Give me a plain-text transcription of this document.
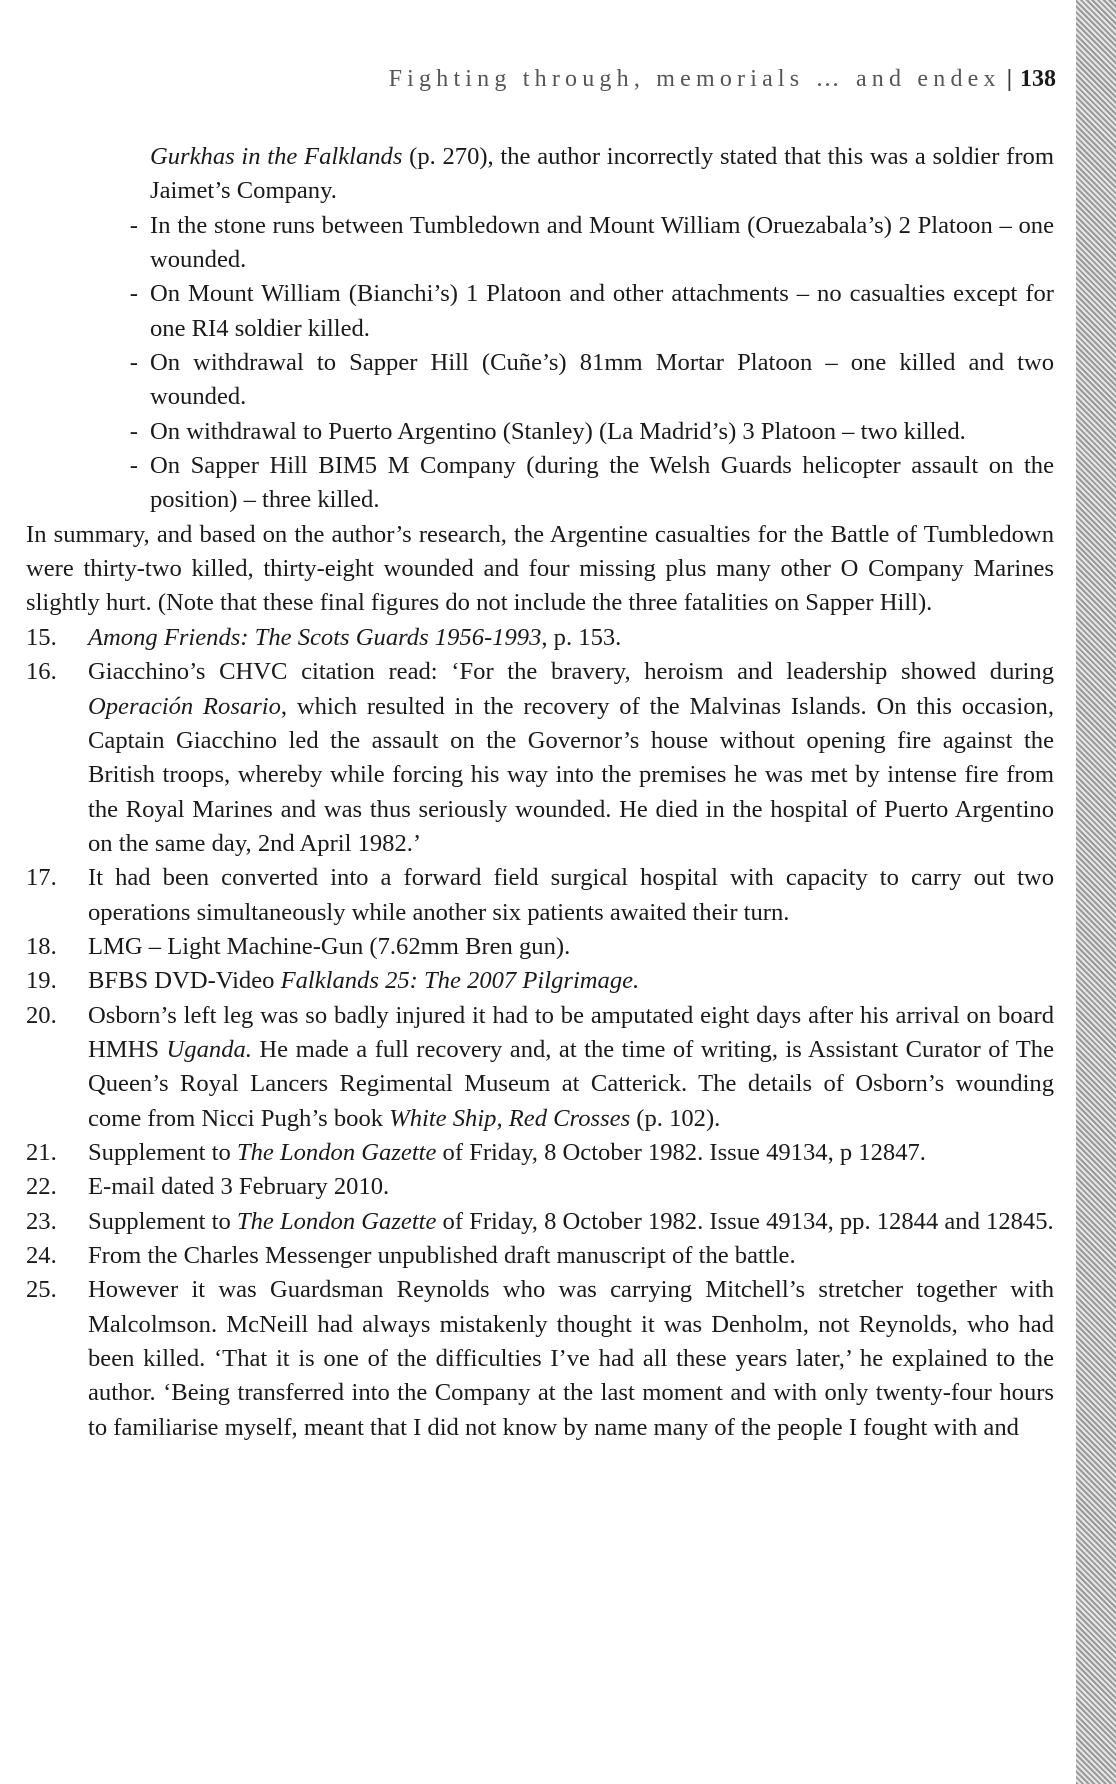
Fighting through, memorials … and endex | 138

Gurkhas in the Falklands (p. 270), the author incorrectly stated that this was a soldier from Jaimet’s Company.

- In the stone runs between Tumbledown and Mount William (Oruezabala’s) 2 Platoon – one wounded.
- On Mount William (Bianchi’s) 1 Platoon and other attachments – no casualties except for one RI4 soldier killed.
- On withdrawal to Sapper Hill (Cuñe’s) 81mm Mortar Platoon – one killed and two wounded.
- On withdrawal to Puerto Argentino (Stanley) (La Madrid’s) 3 Platoon – two killed.
- On Sapper Hill BIM5 M Company (during the Welsh Guards helicopter assault on the position) – three killed.

In summary, and based on the author’s research, the Argentine casualties for the Battle of Tumbledown were thirty-two killed, thirty-eight wounded and four missing plus many other O Company Marines slightly hurt. (Note that these final figures do not include the three fatalities on Sapper Hill).

15.	Among Friends: The Scots Guards 1956-1993, p. 153.
16.	Giacchino’s CHVC citation read: ‘For the bravery, heroism and leadership showed during Operación Rosario, which resulted in the recovery of the Malvinas Islands. On this occasion, Captain Giacchino led the assault on the Governor’s house without opening fire against the British troops, whereby while forcing his way into the premises he was met by intense fire from the Royal Marines and was thus seriously wounded. He died in the hospital of Puerto Argentino on the same day, 2nd April 1982.’
17.	It had been converted into a forward field surgical hospital with capacity to carry out two operations simultaneously while another six patients awaited their turn.
18.	LMG – Light Machine-Gun (7.62mm Bren gun).
19.	BFBS DVD-Video Falklands 25: The 2007 Pilgrimage.
20.	Osborn’s left leg was so badly injured it had to be amputated eight days after his arrival on board HMHS Uganda. He made a full recovery and, at the time of writing, is Assistant Curator of The Queen’s Royal Lancers Regimental Museum at Catterick. The details of Osborn’s wounding come from Nicci Pugh’s book White Ship, Red Crosses (p. 102).
21.	Supplement to The London Gazette of Friday, 8 October 1982. Issue 49134, p 12847.
22.	E-mail dated 3 February 2010.
23.	Supplement to The London Gazette of Friday, 8 October 1982. Issue 49134, pp. 12844 and 12845.
24.	From the Charles Messenger unpublished draft manuscript of the battle.
25.	However it was Guardsman Reynolds who was carrying Mitchell’s stretcher together with Malcolmson. McNeill had always mistakenly thought it was Denholm, not Reynolds, who had been killed. ‘That it is one of the difficulties I’ve had all these years later,’ he explained to the author. ‘Being transferred into the Company at the last moment and with only twenty-four hours to familiarise myself, meant that I did not know by name many of the people I fought with and
